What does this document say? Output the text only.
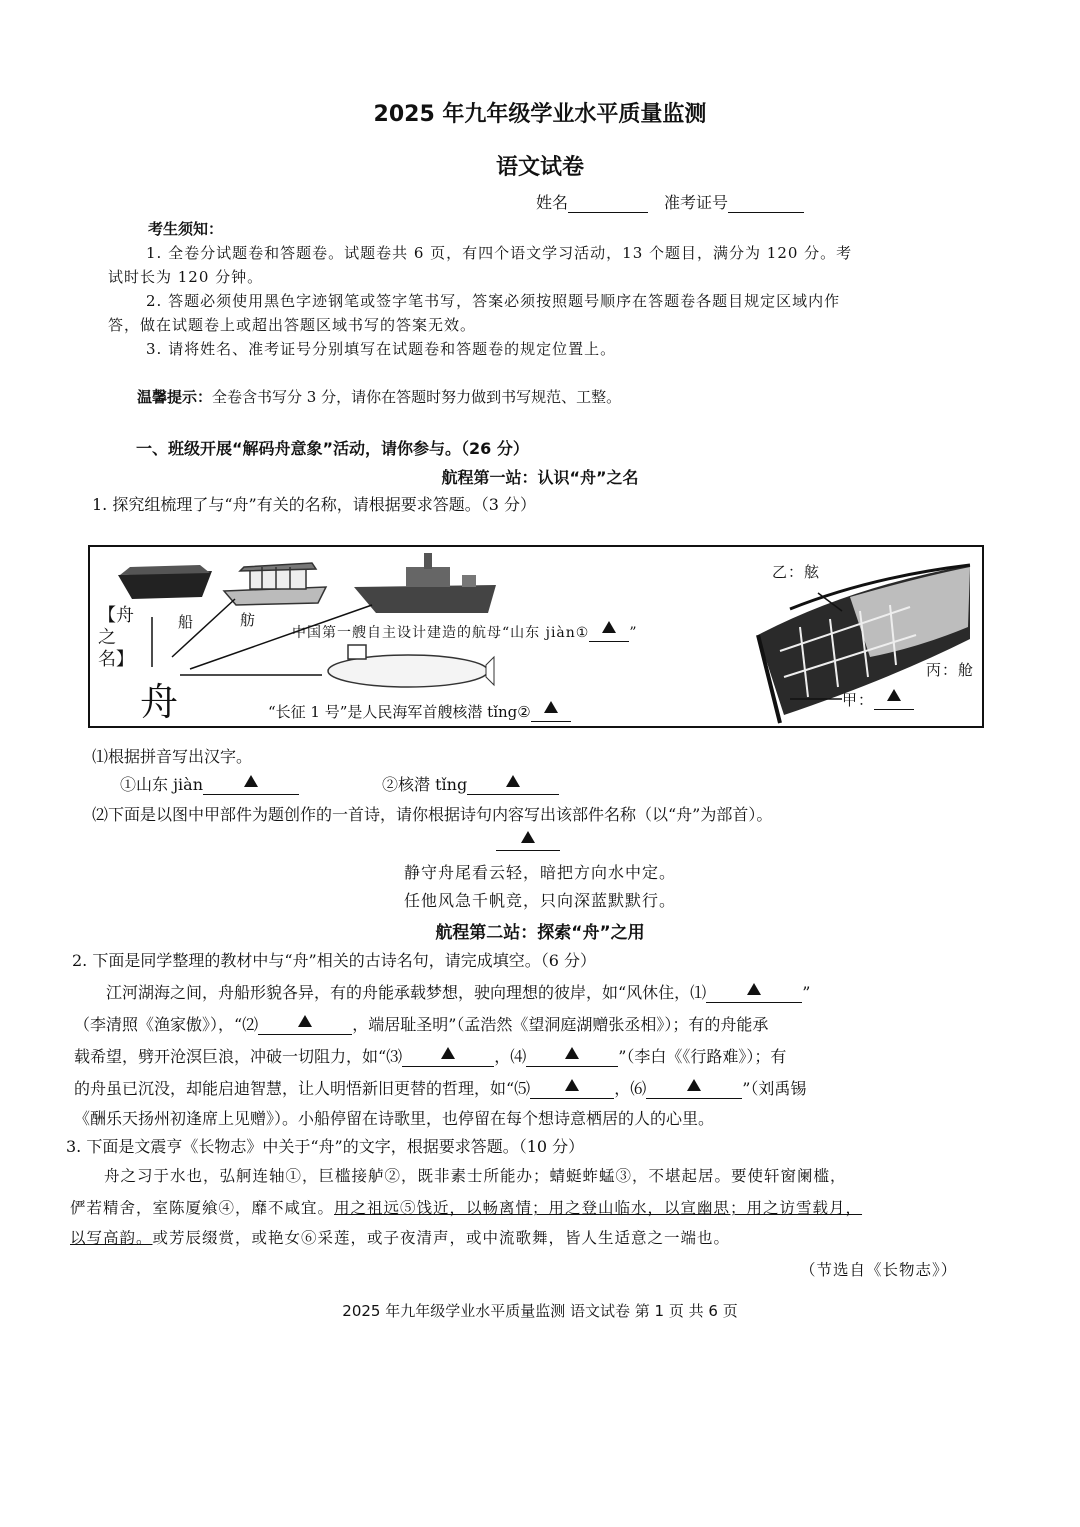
2025 年九年级学业水平质量监测
语文试卷
姓名	准考证号
考生须知：
1. 全卷分试题卷和答题卷。试题卷共 6 页，有四个语文学习活动，13 个题目，满分为 120 分。考
试时长为 120 分钟。
2. 答题必须使用黑色字迹钢笔或签字笔书写，答案必须按照题号顺序在答题卷各题目规定区域内作
答，做在试题卷上或超出答题区域书写的答案无效。
3. 请将姓名、准考证号分别填写在试题卷和答题卷的规定位置上。
温馨提示：全卷含书写分 3 分，请你在答题时努力做到书写规范、工整。
一、班级开展“解码舟意象”活动，请你参与。（26 分）
航程第一站：认识“舟”之名
1. 探究组梳理了与“舟”有关的名称，请根据要求答题。（3 分）
【舟之名】
舟
船	舫
中国第一艘自主设计建造的航母“山东 jiàn①	”
“长征 1 号”是人民海军首艘核潜 tǐng②
乙：舷
丙：舱
甲：
⑴根据拼音写出汉字。
①山东 jiàn	②核潜 tǐng
⑵下面是以图中甲部件为题创作的一首诗，请你根据诗句内容写出该部件名称（以“舟”为部首）。
静守舟尾看云轻，暗把方向水中定。
任他风急千帆竞，只向深蓝默默行。
航程第二站：探索“舟”之用
2. 下面是同学整理的教材中与“舟”相关的古诗名句，请完成填空。（6 分）
江河湖海之间，舟船形貌各异，有的舟能承载梦想，驶向理想的彼岸，如“风休住，⑴	”
（李清照《渔家傲》），“⑵	，端居耻圣明”（孟浩然《望洞庭湖赠张丞相》）；有的舟能承
载希望，劈开沧溟巨浪，冲破一切阻力，如“⑶	，⑷	”（李白《《行路难》）；有
的舟虽已沉没，却能启迪智慧，让人明悟新旧更替的哲理，如“⑸	，⑹	”（刘禹锡
《酬乐天扬州初逢席上见赠》）。小船停留在诗歌里，也停留在每个想诗意栖居的人的心里。
3. 下面是文震亨《长物志》中关于“舟”的文字，根据要求答题。（10 分）
舟之习于水也，弘舸连轴①，巨槛接舻②，既非素士所能办；蜻蜓蚱蜢③，不堪起居。要使轩窗阑槛，
俨若精舍，室陈厦飨④，靡不咸宜。用之祖远⑤饯近，以畅离情；用之登山临水，以宣幽思；用之访雪载月，
以写高韵。或芳辰缀赏，或艳女⑥采莲，或子夜清声，或中流歌舞，皆人生适意之一端也。
（节选自《长物志》）
2025 年九年级学业水平质量监测 语文试卷 第 1 页 共 6 页
